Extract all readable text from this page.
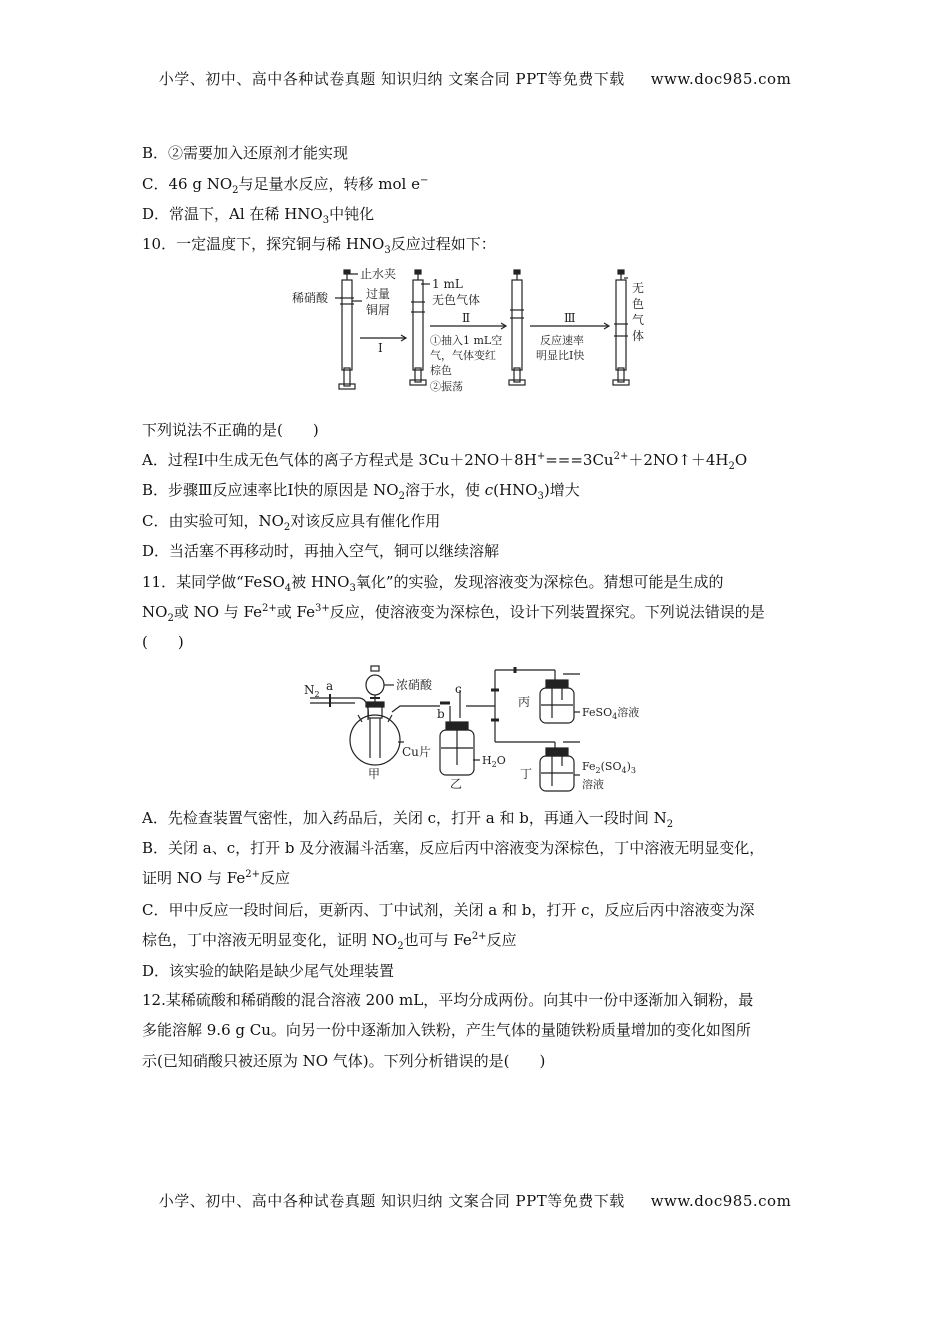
小学、初中、高中各种试卷真题 知识归纳 文案合同 PPT等免费下载 www.doc985.com
B．②需要加入还原剂才能实现
C．46 g $NO_2$与足量水反应，转移 mol e−
D．常温下，Al 在稀 $HNO_3$中钝化
10．一定温度下，探究铜与稀 $HNO_3$反应过程如下：
止水夹
稀硝酸	过量
铜屑
Ⅰ
1 mL
无色气体
Ⅱ
①抽入1 mL空
气，气体变红
棕色
②振荡
Ⅲ
反应速率
明显比Ⅰ快
无
色
气
体
下列说法不正确的是(　　)
A．过程Ⅰ中生成无色气体的离子方程式是 $3Cu+2NO+8H^+===3Cu^{2+}+2NO↑+4H_2O$
B．步骤Ⅲ反应速率比Ⅰ快的原因是 $NO_2$溶于水，使 $c(HNO_3)$增大
C．由实验可知，$NO_2$对该反应具有催化作用
D．当活塞不再移动时，再抽入空气，铜可以继续溶解
11．某同学做“FeSO$_4$被 $HNO_3$氧化”的实验，发现溶液变为深棕色。猜想可能是生成的
$NO_2$或 NO 与 $Fe^{2+}$或 $Fe^{3+}$反应，使溶液变为深棕色，设计下列装置探究。下列说法错误的是
(　　)
$N_2$
a	浓硝酸 c
b
丙
FeSO$_4$溶液
Cu片
$H_2O$
丁
$Fe_2(SO_4)_3$
溶液
甲
乙
A．先检查装置气密性，加入药品后，关闭 c，打开 a 和 b，再通入一段时间 $N_2$
B．关闭 a、c，打开 b 及分液漏斗活塞，反应后丙中溶液变为深棕色，丁中溶液无明显变化，
证明 NO 与 $Fe^{2+}$反应
C．甲中反应一段时间后，更新丙、丁中试剂，关闭 a 和 b，打开 c，反应后丙中溶液变为深
棕色，丁中溶液无明显变化，证明 $NO_2$也可与 $Fe^{2+}$反应
D．该实验的缺陷是缺少尾气处理装置
12.某稀硫酸和稀硝酸的混合溶液 200 mL，平均分成两份。向其中一份中逐渐加入铜粉，最
多能溶解 9.6 g Cu。向另一份中逐渐加入铁粉，产生气体的量随铁粉质量增加的变化如图所
示(已知硝酸只被还原为 NO 气体)。下列分析错误的是(　　)
小学、初中、高中各种试卷真题 知识归纳 文案合同 PPT等免费下载 www.doc985.com
